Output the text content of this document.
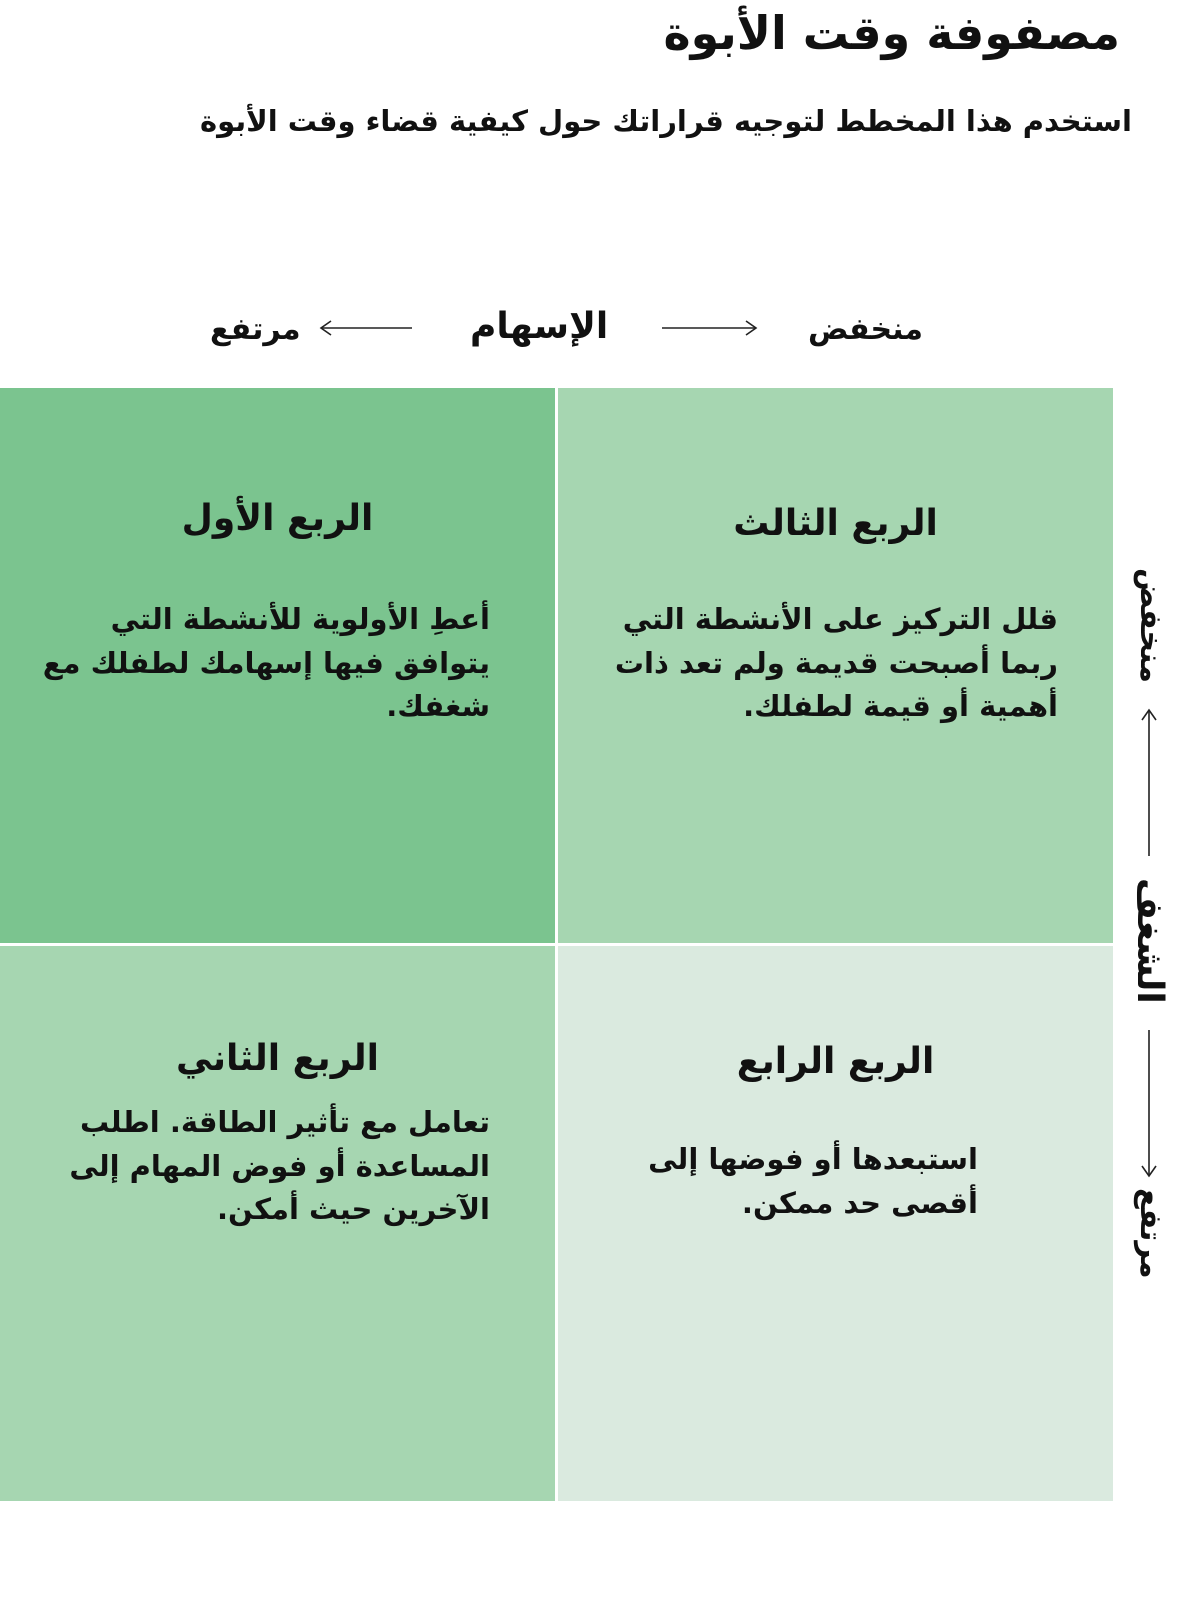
مصفوفة وقت الأبوة
استخدم هذا المخطط لتوجيه قراراتك حول كيفية قضاء وقت الأبوة
مرتفع	الإسهام	منخفض
الربع الأول

أعطِ الأولوية للأنشطة التي يتوافق فيها إسهامك لطفلك مع شغفك.

الربع الثالث

قلل التركيز على الأنشطة التي ربما أصبحت قديمة ولم تعد ذات أهمية أو قيمة لطفلك.

الربع الثاني

تعامل مع تأثير الطاقة. اطلب المساعدة أو فوض المهام إلى الآخرين حيث أمكن.

الربع الرابع

استبعدها أو فوضها إلى أقصى حد ممكن.

منخفض
الشغف
مرتفع
